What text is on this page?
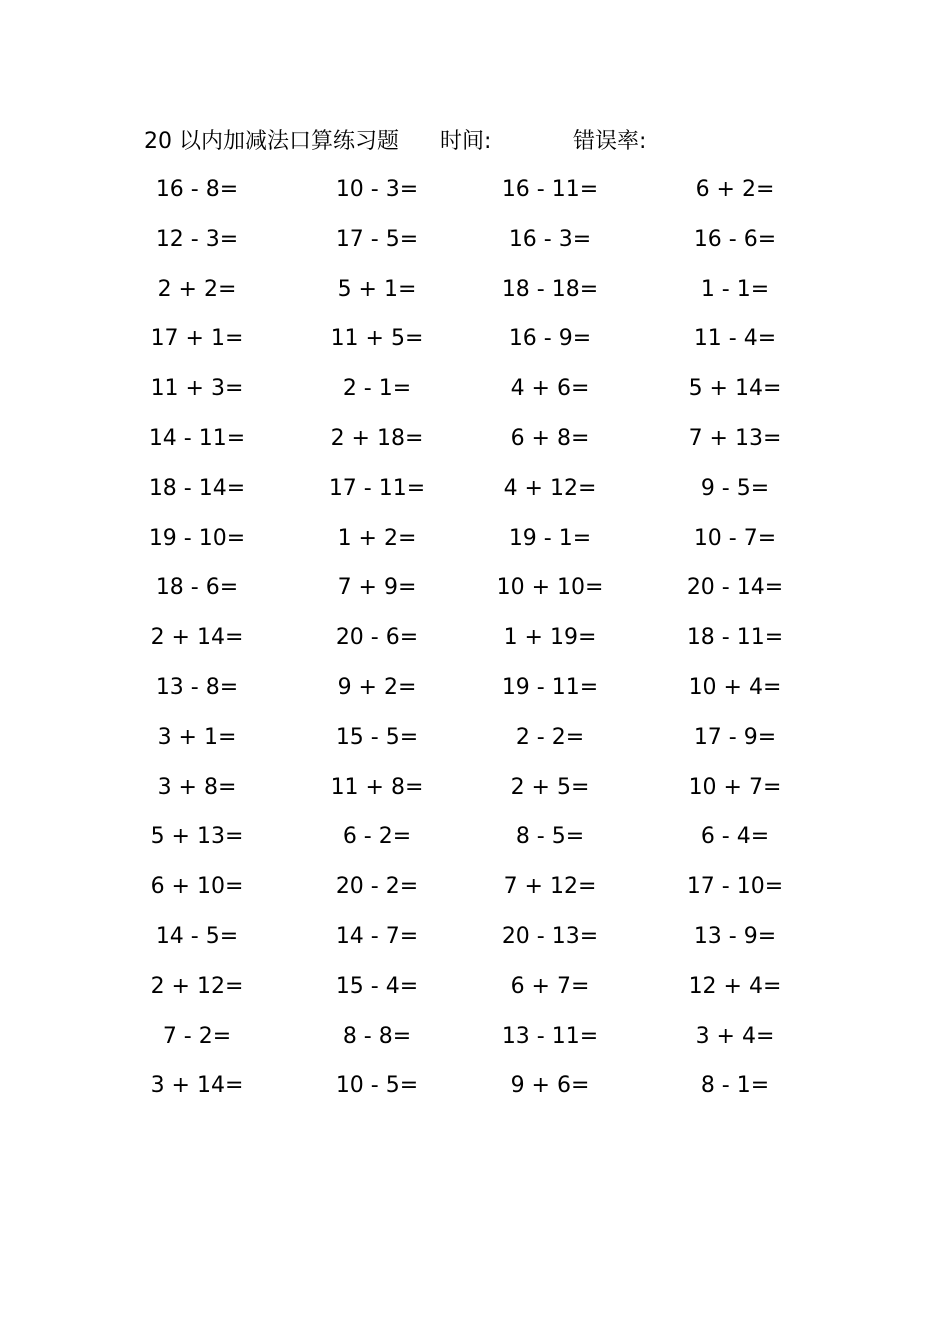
20 以内加减法口算练习题 时间:	错误率:
16 - 8=	10 - 3=	16 - 11=	6 + 2=
12 - 3=	17 - 5=	16 - 3=	16 - 6=
2 + 2=	5 + 1=	18 - 18=	1 - 1=
17 + 1=	11 + 5=	16 - 9=	11 - 4=
11 + 3=	2 - 1=	4 + 6=	5 + 14=
14 - 11=	2 + 18=	6 + 8=	7 + 13=
18 - 14=	17 - 11=	4 + 12=	9 - 5=
19 - 10=	1 + 2=	19 - 1=	10 - 7=
18 - 6=	7 + 9=	10 + 10=	20 - 14=
2 + 14=	20 - 6=	1 + 19=	18 - 11=
13 - 8=	9 + 2=	19 - 11=	10 + 4=
3 + 1=	15 - 5=	2 - 2=	17 - 9=
3 + 8=	11 + 8=	2 + 5=	10 + 7=
5 + 13=	6 - 2=	8 - 5=	6 - 4=
6 + 10=	20 - 2=	7 + 12=	17 - 10=
14 - 5=	14 - 7=	20 - 13=	13 - 9=
2 + 12=	15 - 4=	6 + 7=	12 + 4=
7 - 2=	8 - 8=	13 - 11=	3 + 4=
3 + 14=	10 - 5=	9 + 6=	8 - 1=
